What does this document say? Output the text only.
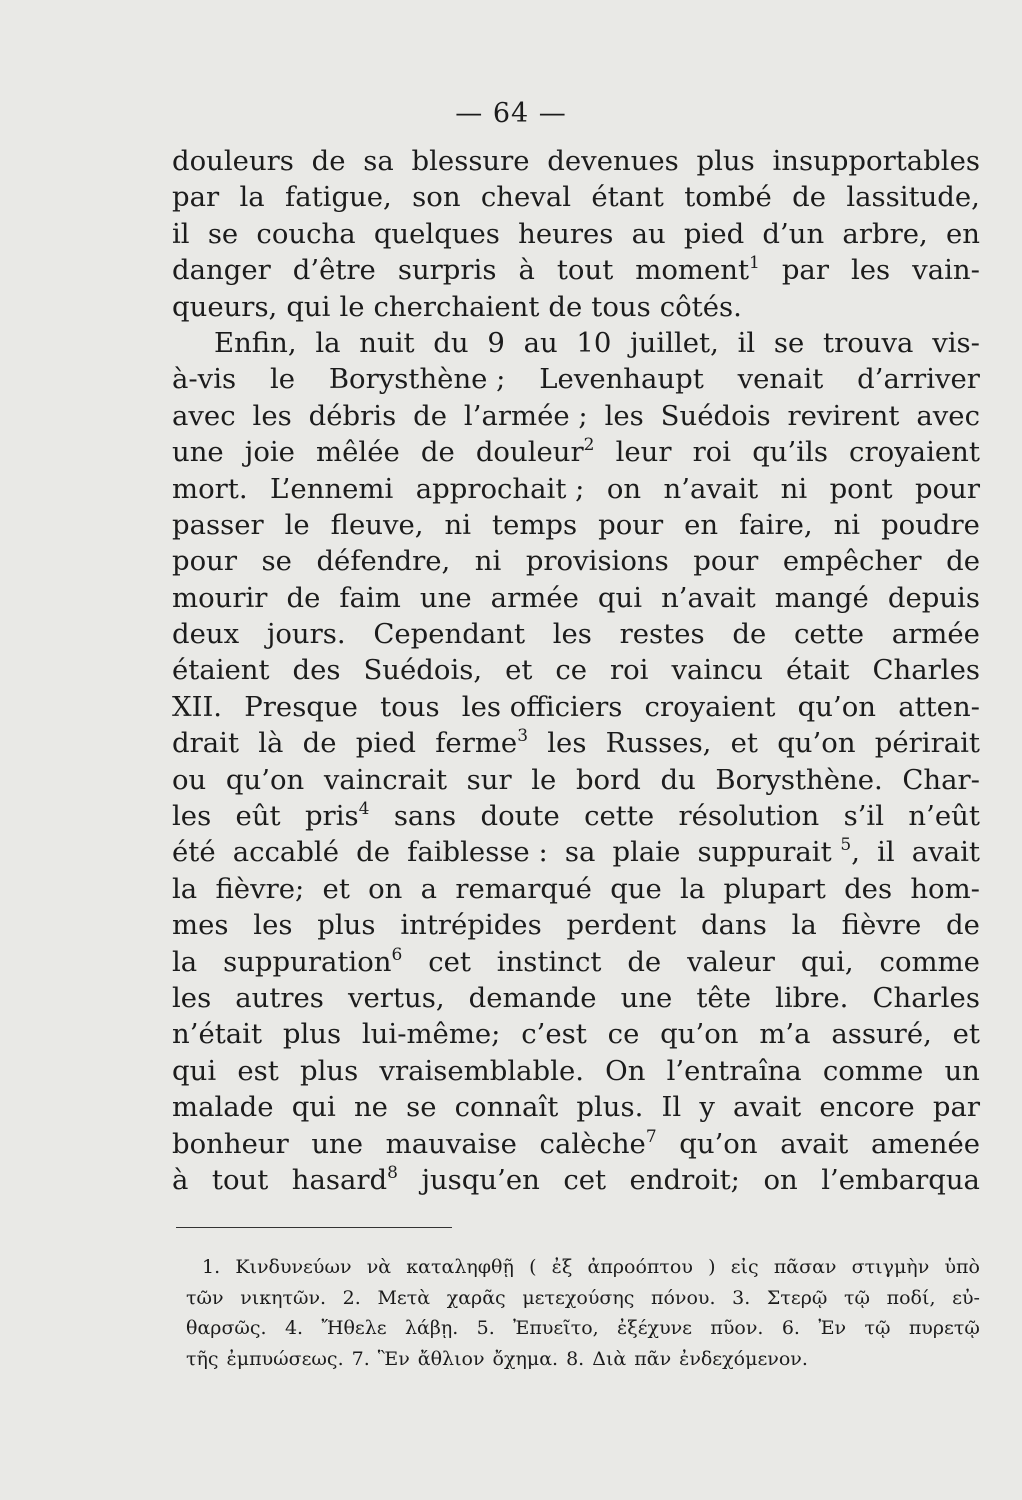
— 64 —
douleurs de sa blessure devenues plus insupportables
par la fatigue, son cheval étant tombé de lassitude,
il se coucha quelques heures au pied d’un arbre, en
danger d’être surpris à tout moment$^1$ par les vain-
queurs, qui le cherchaient de tous côtés.
Enfin, la nuit du 9 au 10 juillet, il se trouva vis-
à-vis le Borysthène ; Levenhaupt venait d’arriver
avec les débris de l’armée ; les Suédois revirent avec
une joie mêlée de douleur$^2$ leur roi qu’ils croyaient
mort. L’ennemi approchait ; on n’avait ni pont pour
passer le fleuve, ni temps pour en faire, ni poudre
pour se défendre, ni provisions pour empêcher de
mourir de faim une armée qui n’avait mangé depuis
deux jours. Cependant les restes de cette armée
étaient des Suédois, et ce roi vaincu était Charles
XII. Presque tous les officiers croyaient qu’on atten-
drait là de pied ferme$^3$ les Russes, et qu’on périrait
ou qu’on vaincrait sur le bord du Borysthène. Char-
les eût pris$^4$ sans doute cette résolution s’il n’eût
été accablé de faiblesse : sa plaie suppurait $^5$, il avait
la fièvre; et on a remarqué que la plupart des hom-
mes les plus intrépides perdent dans la fièvre de
la suppuration$^6$ cet instinct de valeur qui, comme
les autres vertus, demande une tête libre. Charles
n’était plus lui-même; c’est ce qu’on m’a assuré, et
qui est plus vraisemblable. On l’entraîna comme un
malade qui ne se connaît plus. Il y avait encore par
bonheur une mauvaise calèche$^7$ qu’on avait amenée
à tout hasard$^8$ jusqu’en cet endroit; on l’embarqua
1. Κινδυνεύων νὰ καταληφθῇ ( ἐξ ἀπροόπτου ) εἰς πᾶσαν στιγμὴν ὑπὸ
τῶν νικητῶν. 2. Μετὰ χαρᾶς μετεχούσης πόνου. 3. Στερῷ τῷ ποδί, εὐ-
θαρσῶς. 4. Ἤθελε λάβῃ. 5. Ἐπυεῖτο, ἐξέχυνε πῦον. 6. Ἐν τῷ πυρετῷ
τῆς ἐμπυώσεως. 7. Ἓν ἄθλιον ὄχημα. 8. Διὰ πᾶν ἐνδεχόμενον.
